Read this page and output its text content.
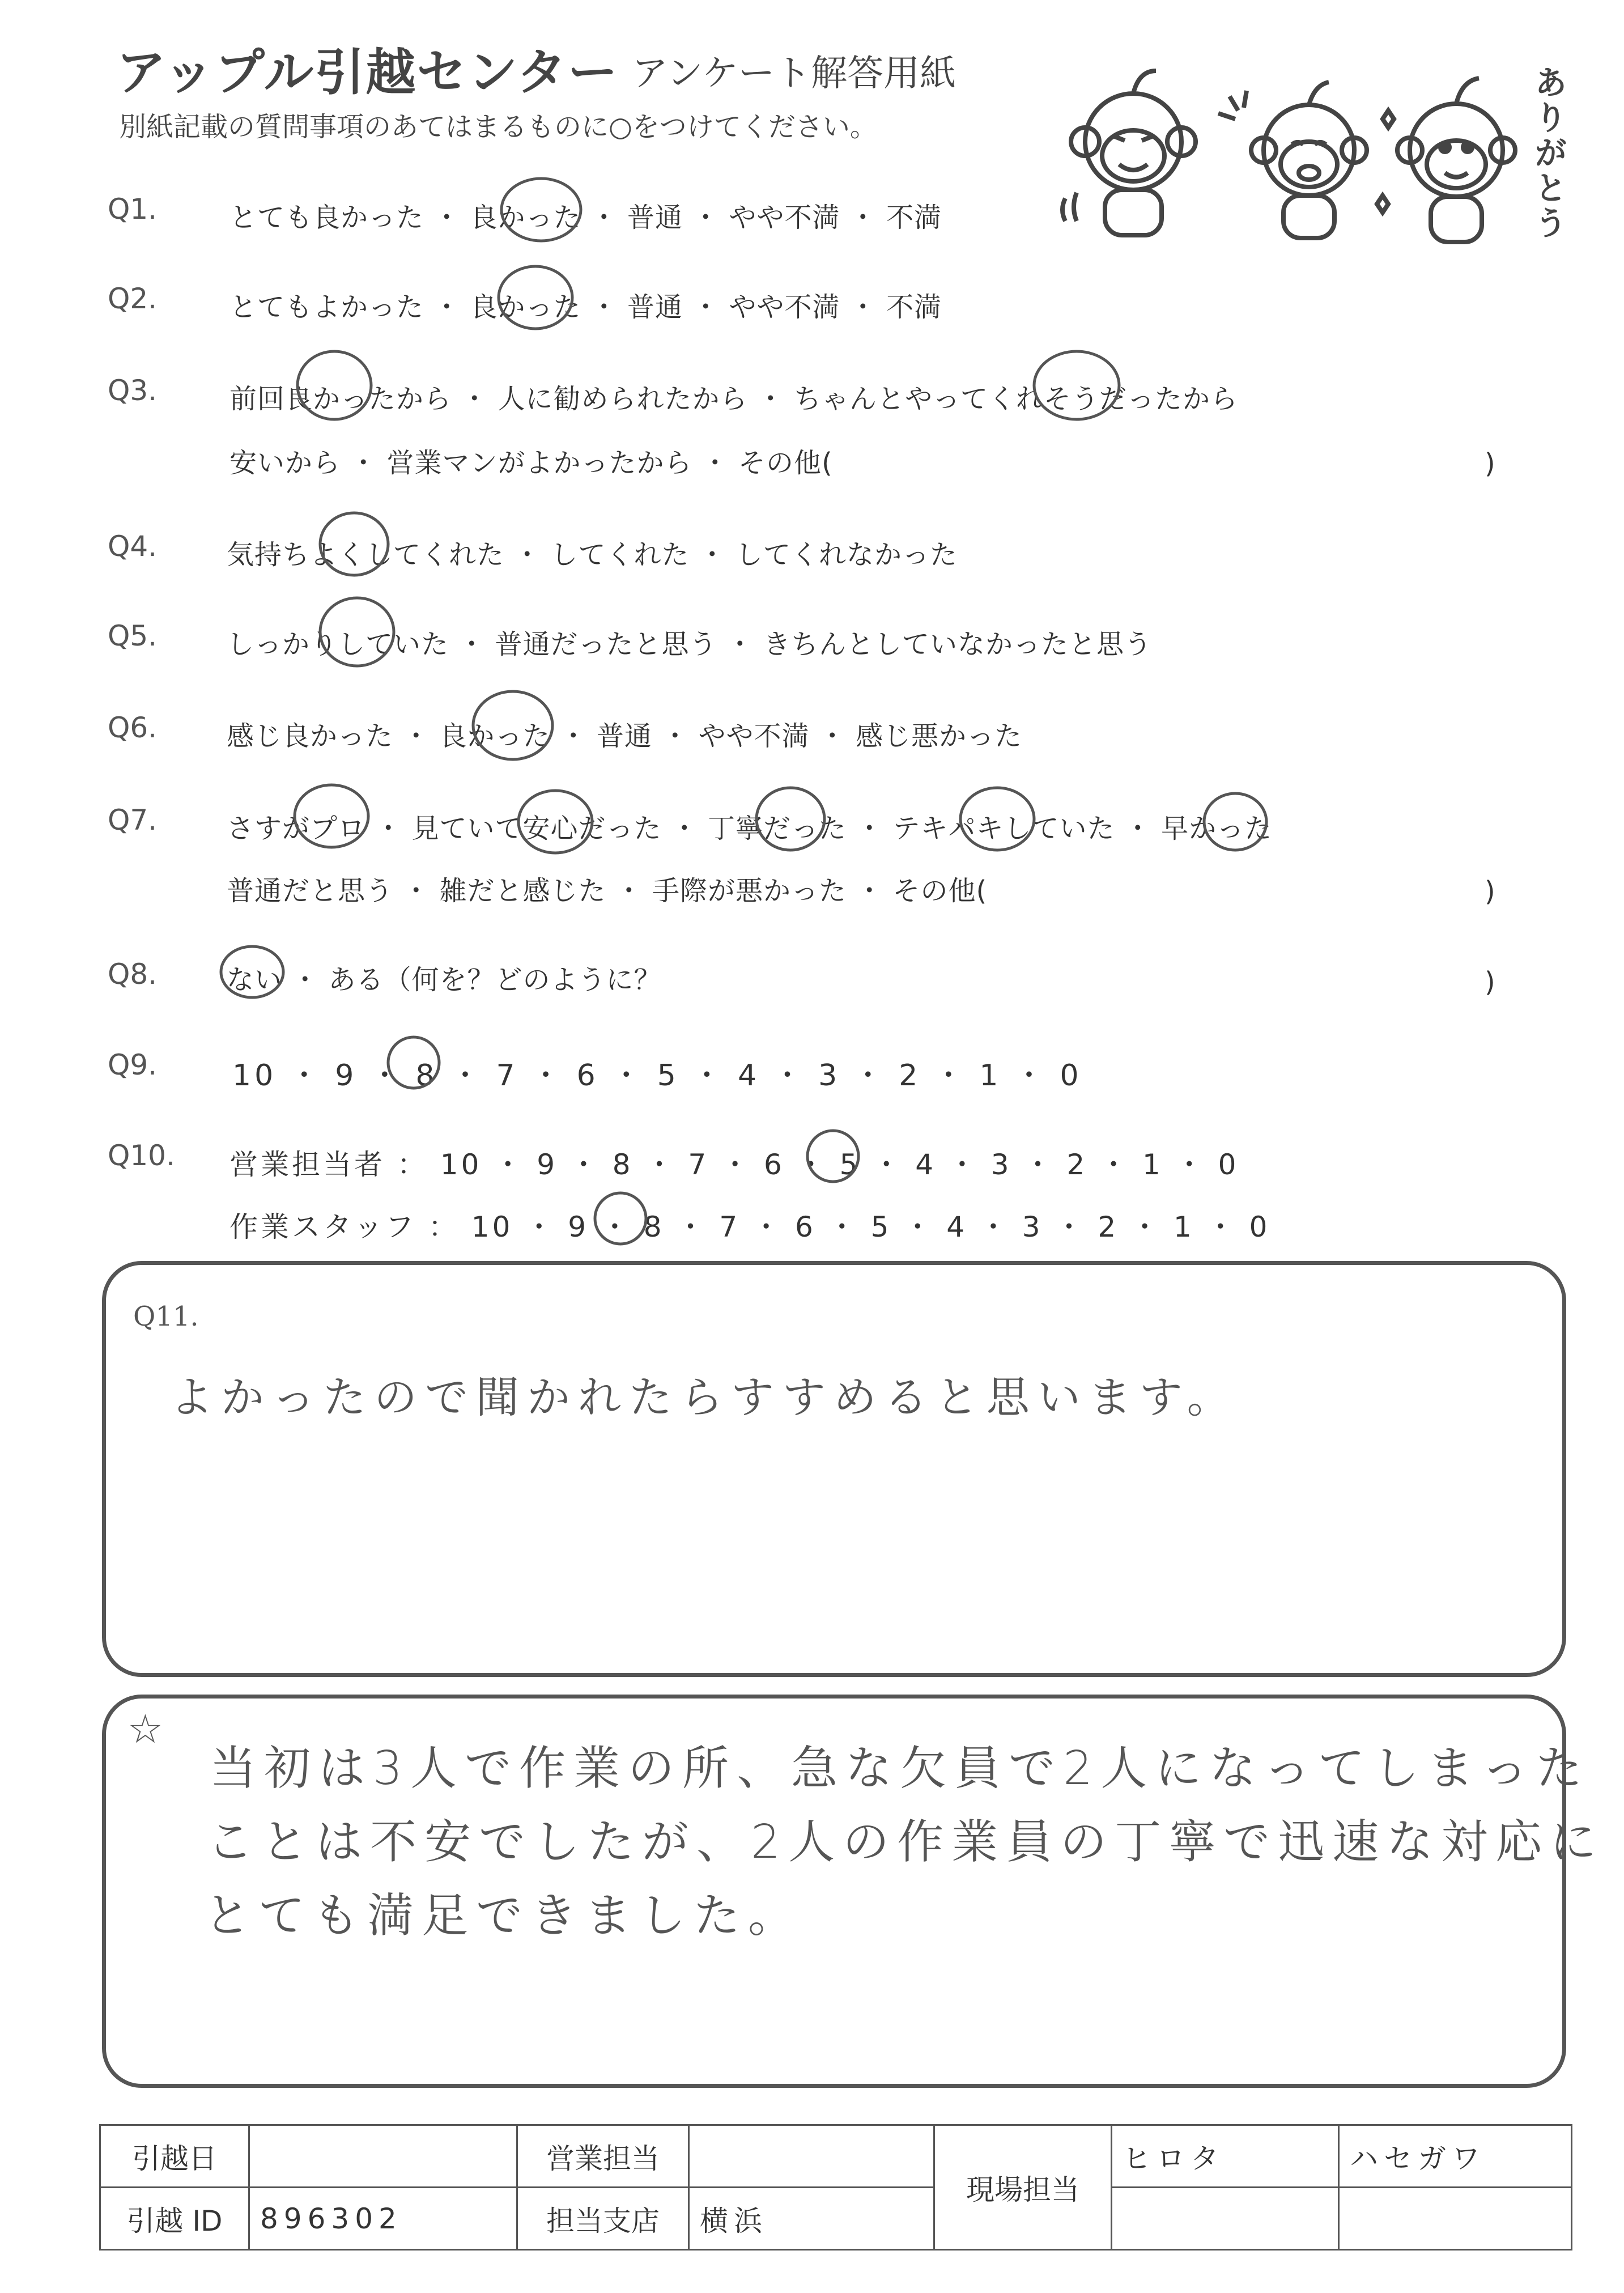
アップル引越センター アンケート解答用紙
別紙記載の質問事項のあてはまるものに○をつけてください。	ありがとう
Q1.	とても良かった ・ 良かった ・ 普通 ・ やや不満 ・ 不満
Q2.	とてもよかった ・ 良かった ・ 普通 ・ やや不満 ・ 不満
Q3.	前回良かったから ・ 人に勧められたから ・ ちゃんとやってくれそうだったから
安いから ・ 営業マンがよかったから ・ その他(	)
Q4.	気持ちよくしてくれた ・ してくれた ・ してくれなかった
Q5.	しっかりしていた ・ 普通だったと思う ・ きちんとしていなかったと思う
Q6.	感じ良かった ・ 良かった ・ 普通 ・ やや不満 ・ 感じ悪かった
Q7.	さすがプロ ・ 見ていて安心だった ・ 丁寧だった ・ テキパキしていた ・ 早かった
普通だと思う ・ 雑だと感じた ・ 手際が悪かった ・ その他(	)
Q8.	ない ・ ある（何を？どのように？	)
Q9.	10 ・ 9 ・ 8 ・ 7 ・ 6 ・ 5 ・ 4 ・ 3 ・ 2 ・ 1 ・ 0
Q10. 営業担当者 ： 10 ・ 9 ・ 8 ・ 7 ・ 6 ・ 5 ・ 4 ・ 3 ・ 2 ・ 1 ・ 0
作業スタッフ ： 10 ・ 9 ・ 8 ・ 7 ・ 6 ・ 5 ・ 4 ・ 3 ・ 2 ・ 1 ・ 0
Q11.
よかったので聞かれたらすすめると思います。
☆
当初は3人で作業の所、急な欠員で2人になってしまった
ことは不安でしたが、2人の作業員の丁寧で迅速な対応に
とても満足できました。
引越日		営業担当		現場担当	ヒロタ	ハセガワ
引越 ID	896302	担当支店	横浜			
